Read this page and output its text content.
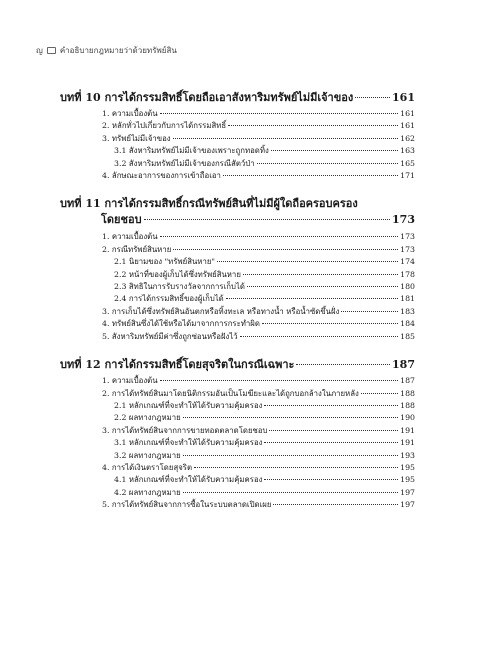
ญ คำอธิบายกฎหมายว่าด้วยทรัพย์สิน
บทที่ 10 การได้กรรมสิทธิ์โดยถือเอาสังหาริมทรัพย์ไม่มีเจ้าของ	161
1. ความเบื้องต้น	161
2. หลักทั่วไปเกี่ยวกับการได้กรรมสิทธิ์	161
3. ทรัพย์ไม่มีเจ้าของ	162
3.1 สังหาริมทรัพย์ไม่มีเจ้าของเพราะถูกทอดทิ้ง	163
3.2 สังหาริมทรัพย์ไม่มีเจ้าของกรณีสัตว์ป่า	165
4. ลักษณะอาการของการเข้าถือเอา	171
บทที่ 11 การได้กรรมสิทธิ์กรณีทรัพย์สินที่ไม่มีผู้ใดถือครอบครอง
โดยชอบ	173
1. ความเบื้องต้น	173
2. กรณีทรัพย์สินหาย	173
2.1 นิยามของ "ทรัพย์สินหาย"	174
2.2 หน้าที่ของผู้เก็บได้ซึ่งทรัพย์สินหาย	178
2.3 สิทธิในการรับรางวัลจากการเก็บได้	180
2.4 การได้กรรมสิทธิ์ของผู้เก็บได้	181
3. การเก็บได้ซึ่งทรัพย์สินอันตกหรือทิ้งทะเล หรือทางน้ำ หรือน้ำซัดขึ้นฝั่ง	183
4. ทรัพย์สินซึ่งได้ใช้หรือได้มาจากการกระทำผิด	184
5. สังหาริมทรัพย์มีค่าซึ่งถูกซ่อนหรือฝังไว้	185
บทที่ 12 การได้กรรมสิทธิ์โดยสุจริตในกรณีเฉพาะ	187
1. ความเบื้องต้น	187
2. การได้ทรัพย์สินมาโดยนิติกรรมอันเป็นโมฆียะและได้ถูกบอกล้างในภายหลัง	188
2.1 หลักเกณฑ์ที่จะทำให้ได้รับความคุ้มครอง	188
2.2 ผลทางกฎหมาย	190
3. การได้ทรัพย์สินจากการขายทอดตลาดโดยชอบ	191
3.1 หลักเกณฑ์ที่จะทำให้ได้รับความคุ้มครอง	191
3.2 ผลทางกฎหมาย	193
4. การได้เงินตราโดยสุจริต	195
4.1 หลักเกณฑ์ที่จะทำให้ได้รับความคุ้มครอง	195
4.2 ผลทางกฎหมาย	197
5. การได้ทรัพย์สินจากการซื้อในระบบตลาดเปิดเผย	197
